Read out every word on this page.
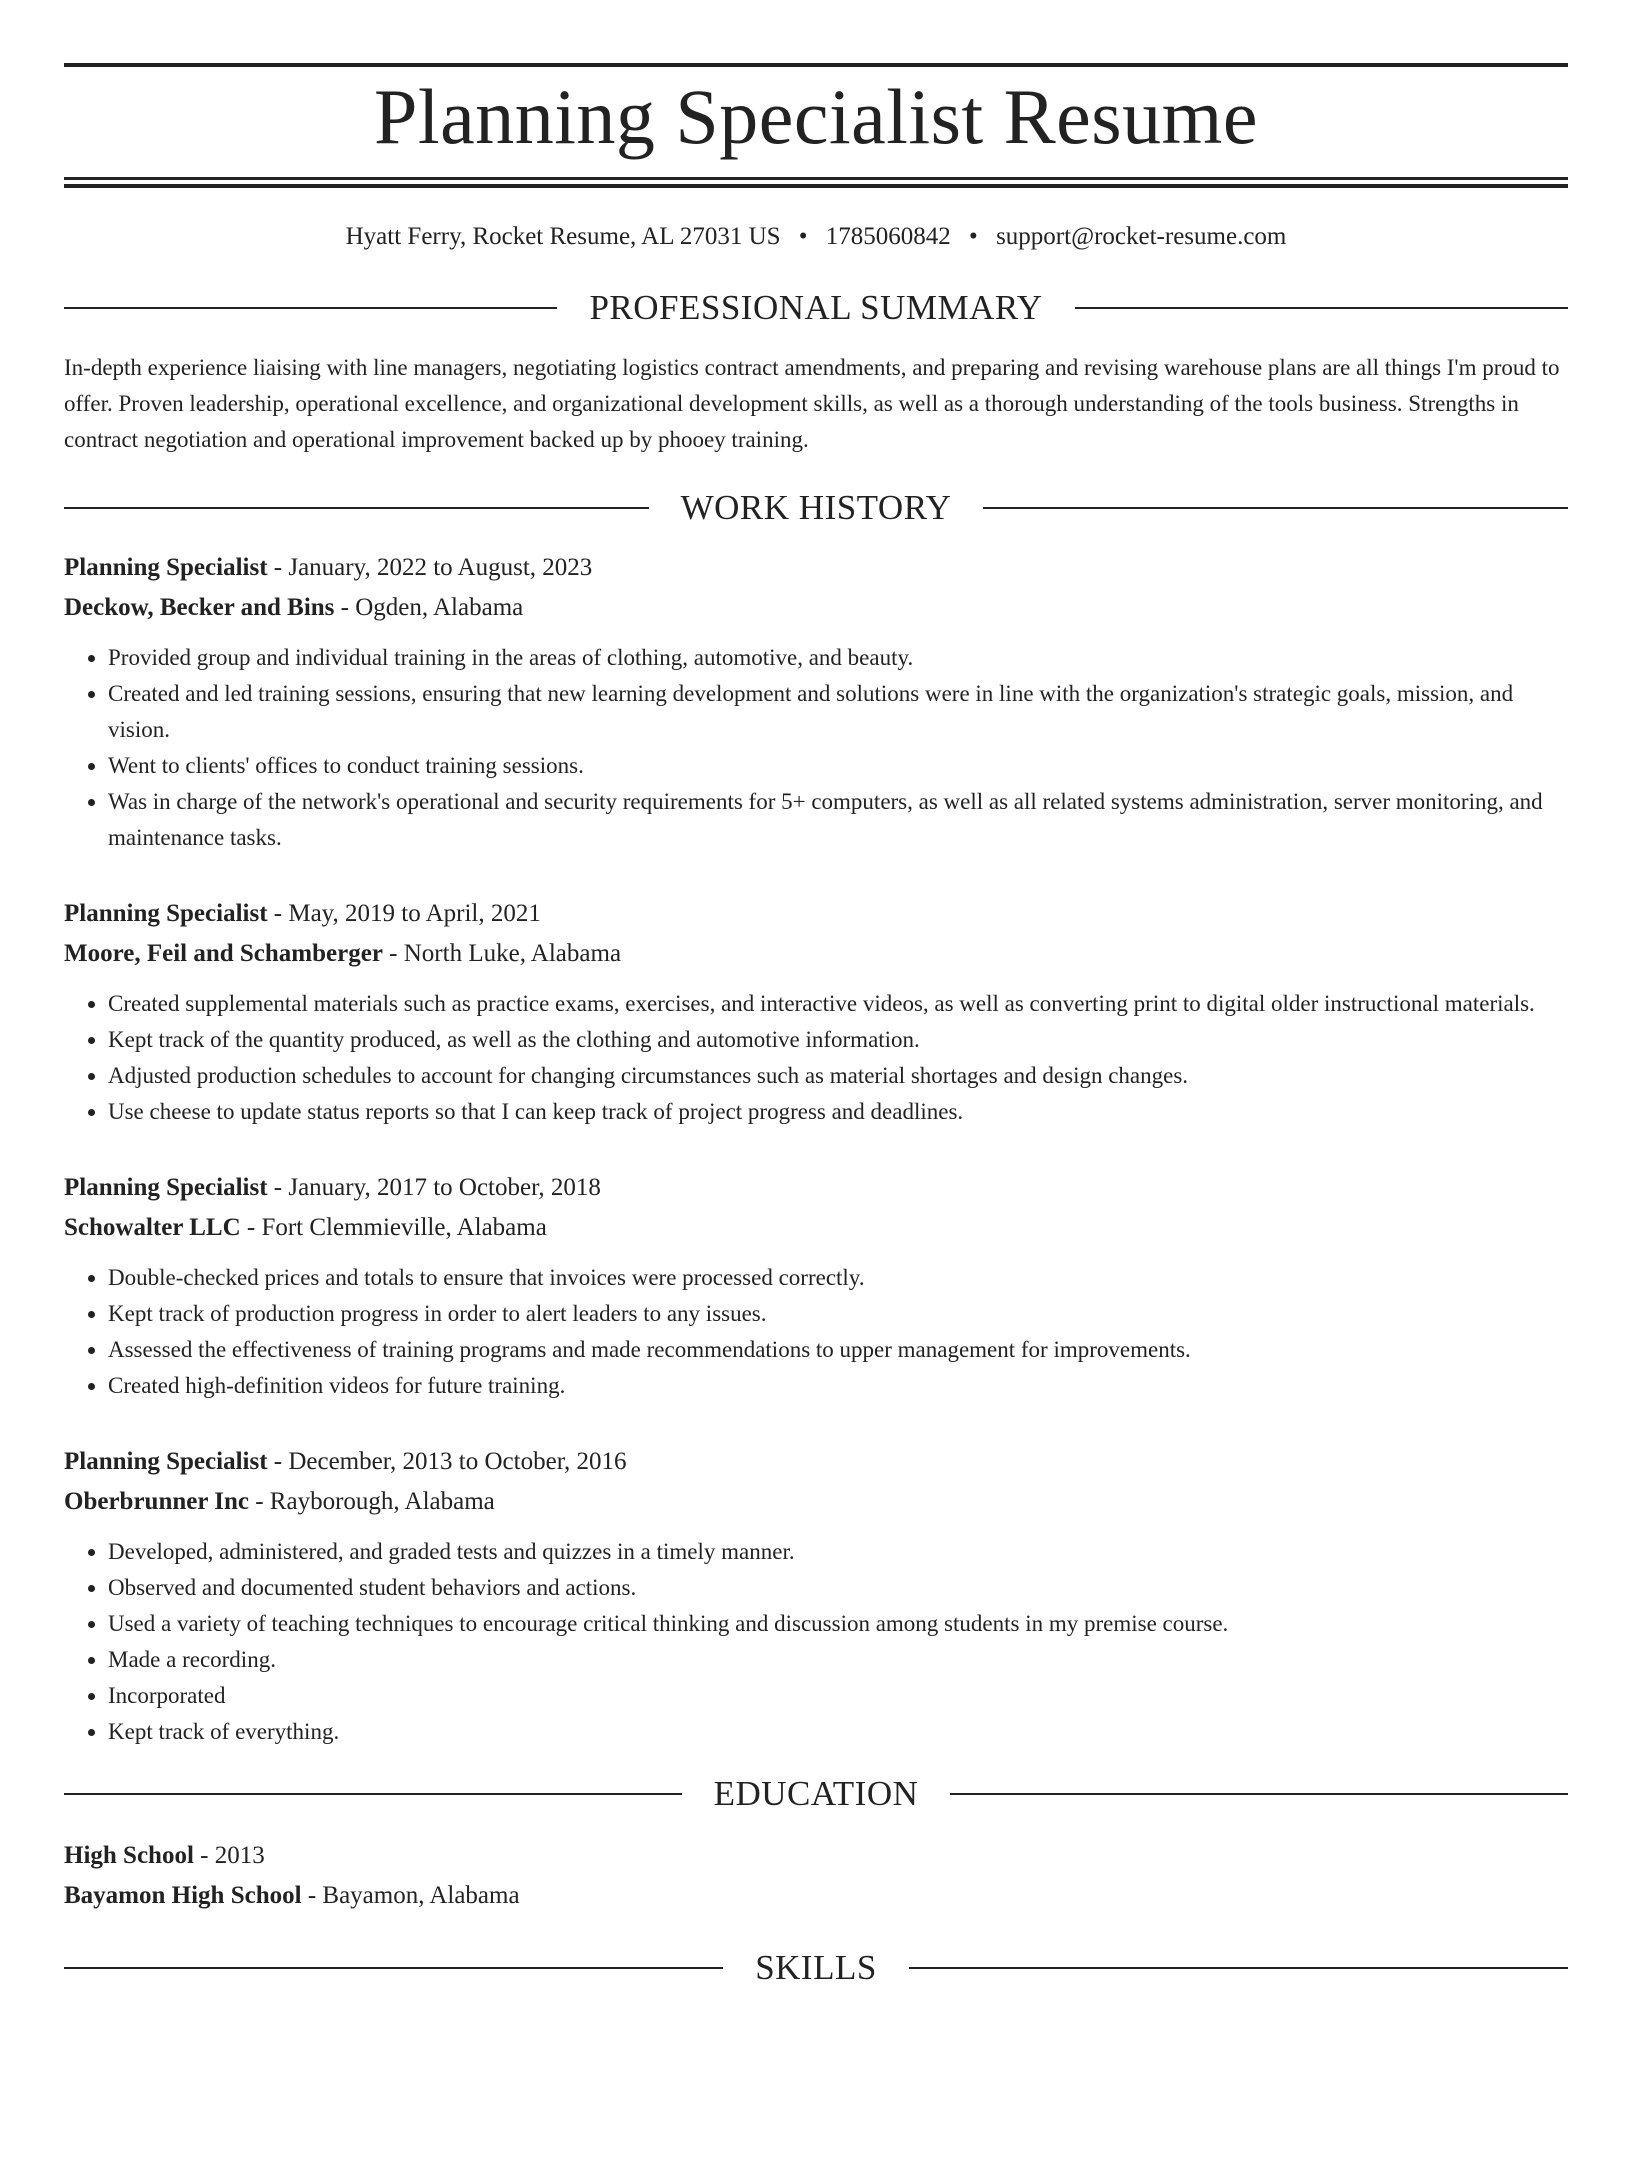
Planning Specialist Resume
Hyatt Ferry, Rocket Resume, AL 27031 US • 1785060842 • support@rocket-resume.com
PROFESSIONAL SUMMARY

In-depth experience liaising with line managers, negotiating logistics contract amendments, and preparing and revising warehouse plans are all things I'm proud to offer. Proven leadership, operational excellence, and organizational development skills, as well as a thorough understanding of the tools business. Strengths in contract negotiation and operational improvement backed up by phooey training.

WORK HISTORY
Planning Specialist - January, 2022 to August, 2023
Deckow, Becker and Bins - Ogden, Alabama
• Provided group and individual training in the areas of clothing, automotive, and beauty.
• Created and led training sessions, ensuring that new learning development and solutions were in line with the organization's strategic goals, mission, and vision.
• Went to clients' offices to conduct training sessions.
• Was in charge of the network's operational and security requirements for 5+ computers, as well as all related systems administration, server monitoring, and maintenance tasks.
Planning Specialist - May, 2019 to April, 2021
Moore, Feil and Schamberger - North Luke, Alabama
• Created supplemental materials such as practice exams, exercises, and interactive videos, as well as converting print to digital older instructional materials.
• Kept track of the quantity produced, as well as the clothing and automotive information.
• Adjusted production schedules to account for changing circumstances such as material shortages and design changes.
• Use cheese to update status reports so that I can keep track of project progress and deadlines.
Planning Specialist - January, 2017 to October, 2018
Schowalter LLC - Fort Clemmieville, Alabama
• Double-checked prices and totals to ensure that invoices were processed correctly.
• Kept track of production progress in order to alert leaders to any issues.
• Assessed the effectiveness of training programs and made recommendations to upper management for improvements.
• Created high-definition videos for future training.
Planning Specialist - December, 2013 to October, 2016
Oberbrunner Inc - Rayborough, Alabama
• Developed, administered, and graded tests and quizzes in a timely manner.
• Observed and documented student behaviors and actions.
• Used a variety of teaching techniques to encourage critical thinking and discussion among students in my premise course.
• Made a recording.
• Incorporated
• Kept track of everything.
EDUCATION
High School - 2013
Bayamon High School - Bayamon, Alabama
SKILLS
